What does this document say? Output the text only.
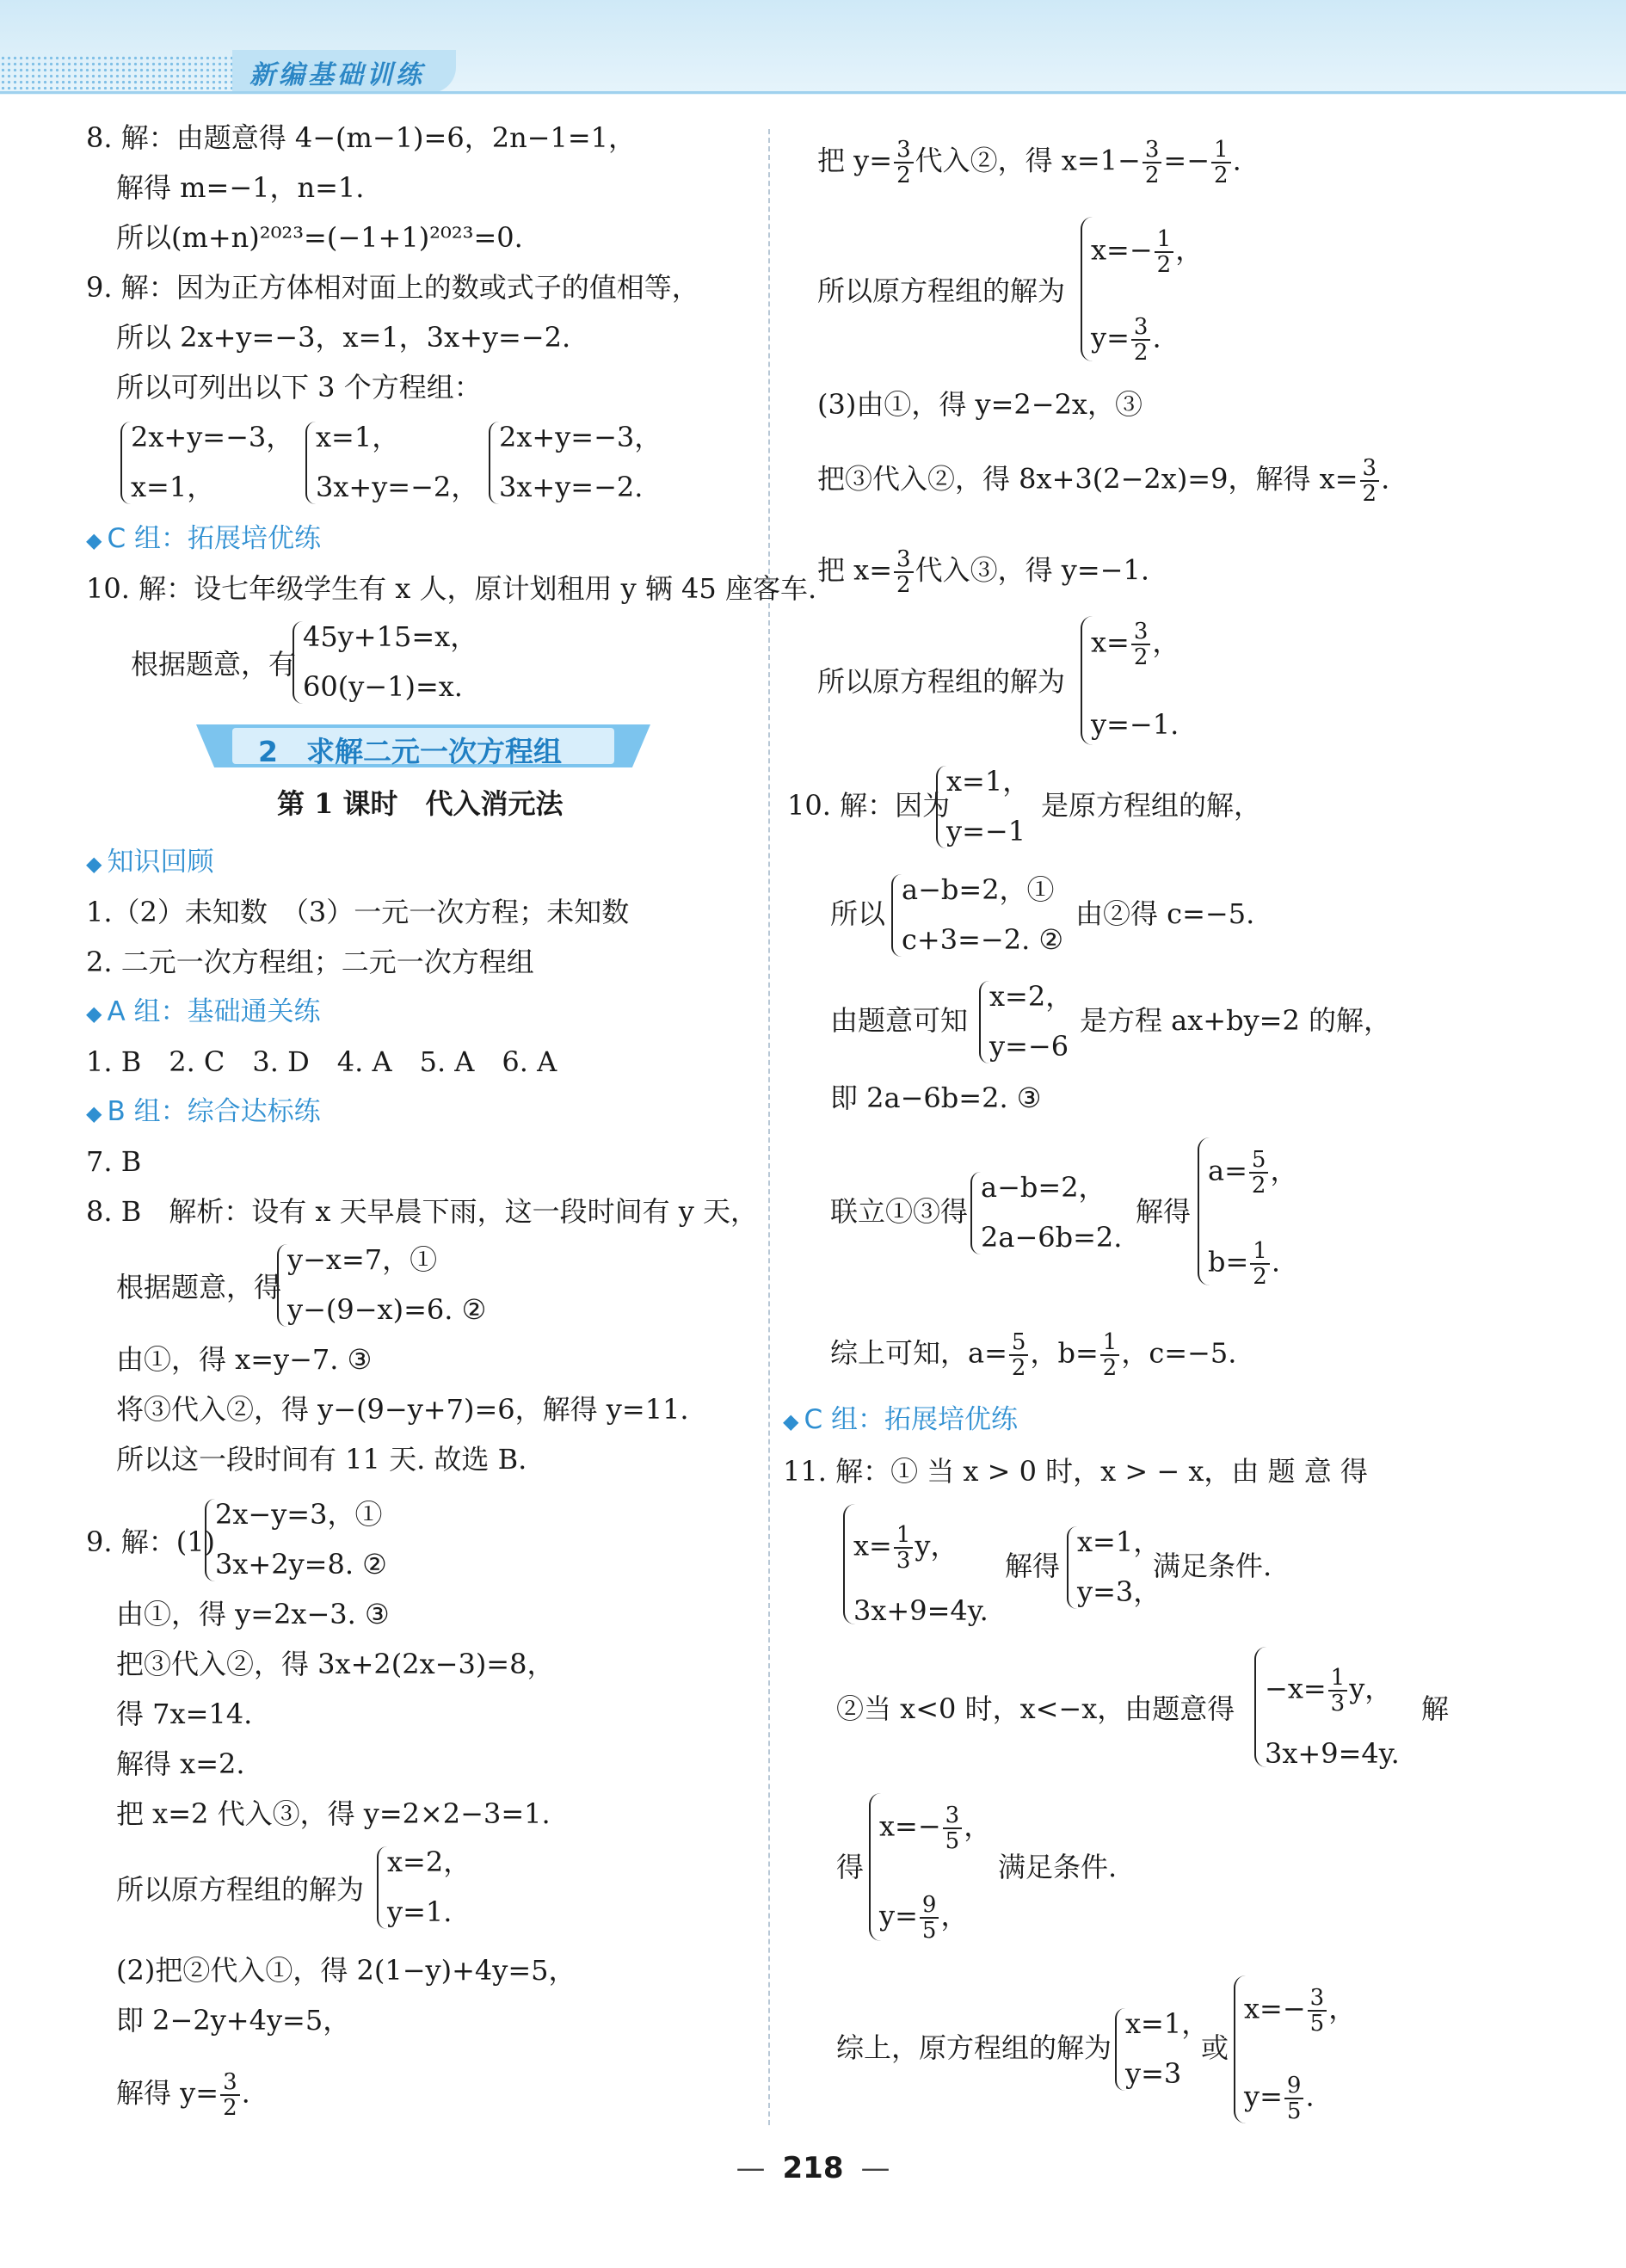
新编基础训练
8. 解：由题意得 4−(m−1)=6，2n−1=1，
解得 m=−1，n=1.
所以(m+n)²⁰²³=(−1+1)²⁰²³=0.
9. 解：因为正方体相对面上的数或式子的值相等，
所以 2x+y=−3，x=1，3x+y=−2.
所以可列出以下 3 个方程组：
2x+y=−3，
x=1，
x=1，
3x+y=−2，
2x+y=−3，
3x+y=−2.
◆ C 组：拓展培优练
10. 解：设七年级学生有 x 人，原计划租用 y 辆 45 座客车.
根据题意，有
45y+15=x，
60(y−1)=x.
2　求解二元一次方程组
第 1 课时　代入消元法
◆ 知识回顾
1.（2）未知数　（3）一元一次方程；未知数
2. 二元一次方程组；二元一次方程组
◆ A 组：基础通关练
1. B　2. C　3. D　4. A　5. A　6. A
◆ B 组：综合达标练
7. B
8. B　解析：设有 x 天早晨下雨，这一段时间有 y 天，
根据题意，得
y−x=7，①
y−(9−x)=6. ②
由①，得 x=y−7. ③
将③代入②，得 y−(9−y+7)=6，解得 y=11.
所以这一段时间有 11 天. 故选 B.
9. 解：(1)
2x−y=3，①
3x+2y=8. ②
由①，得 y=2x−3. ③
把③代入②，得 3x+2(2x−3)=8，
得 7x=14.
解得 x=2.
把 x=2 代入③，得 y=2×2−3=1.
所以原方程组的解为
x=2，
y=1.
(2)把②代入①，得 2(1−y)+4y=5，
即 2−2y+4y=5，
解得 $y= \frac{3}{2}$ .
把 $y= \frac{3}{2}$ 代入②，得 $x=1- \frac{3}{2} =- \frac{1}{2}$ .
所以原方程组的解为
$x=- \frac{1}{2}$ ，
$y= \frac{3}{2}$ .
(3)由①，得 y=2−2x，③
把③代入②，得 8x+3(2−2x)=9，解得 $x= \frac{3}{2}$ .
把 $x= \frac{3}{2}$ 代入③，得 y=−1.
所以原方程组的解为
$x= \frac{3}{2}$ ，
y=−1.
10. 解：因为
x=1，
y=−1
是原方程组的解，
所以
a−b=2，①
c+3=−2. ②
由②得 c=−5.
由题意可知
x=2，
y=−6
是方程 ax+by=2 的解，
即 2a−6b=2. ③
联立①③得
a−b=2，
2a−6b=2.
解得
$a= \frac{5}{2}$ ，
$b= \frac{1}{2}$ .
综上可知，$a= \frac{5}{2}$ ，$b= \frac{1}{2}$ ，c=−5.
◆ C 组：拓展培优练
11. 解：① 当 x > 0 时，x > − x，由 题 意 得
$x= \frac{1}{3}$ y，
3x+9=4y.
解得
x=1，
y=3，
满足条件.
②当 x<0 时，x<−x，由题意得
$-x= \frac{1}{3}$ y，
3x+9=4y.
解
得
$x=- \frac{3}{5}$ ，
$y= \frac{9}{5}$ ，
满足条件.
综上，原方程组的解为
x=1，
y=3
或
$x=- \frac{3}{5}$ ，
$y= \frac{9}{5}$ .
— 218 —
